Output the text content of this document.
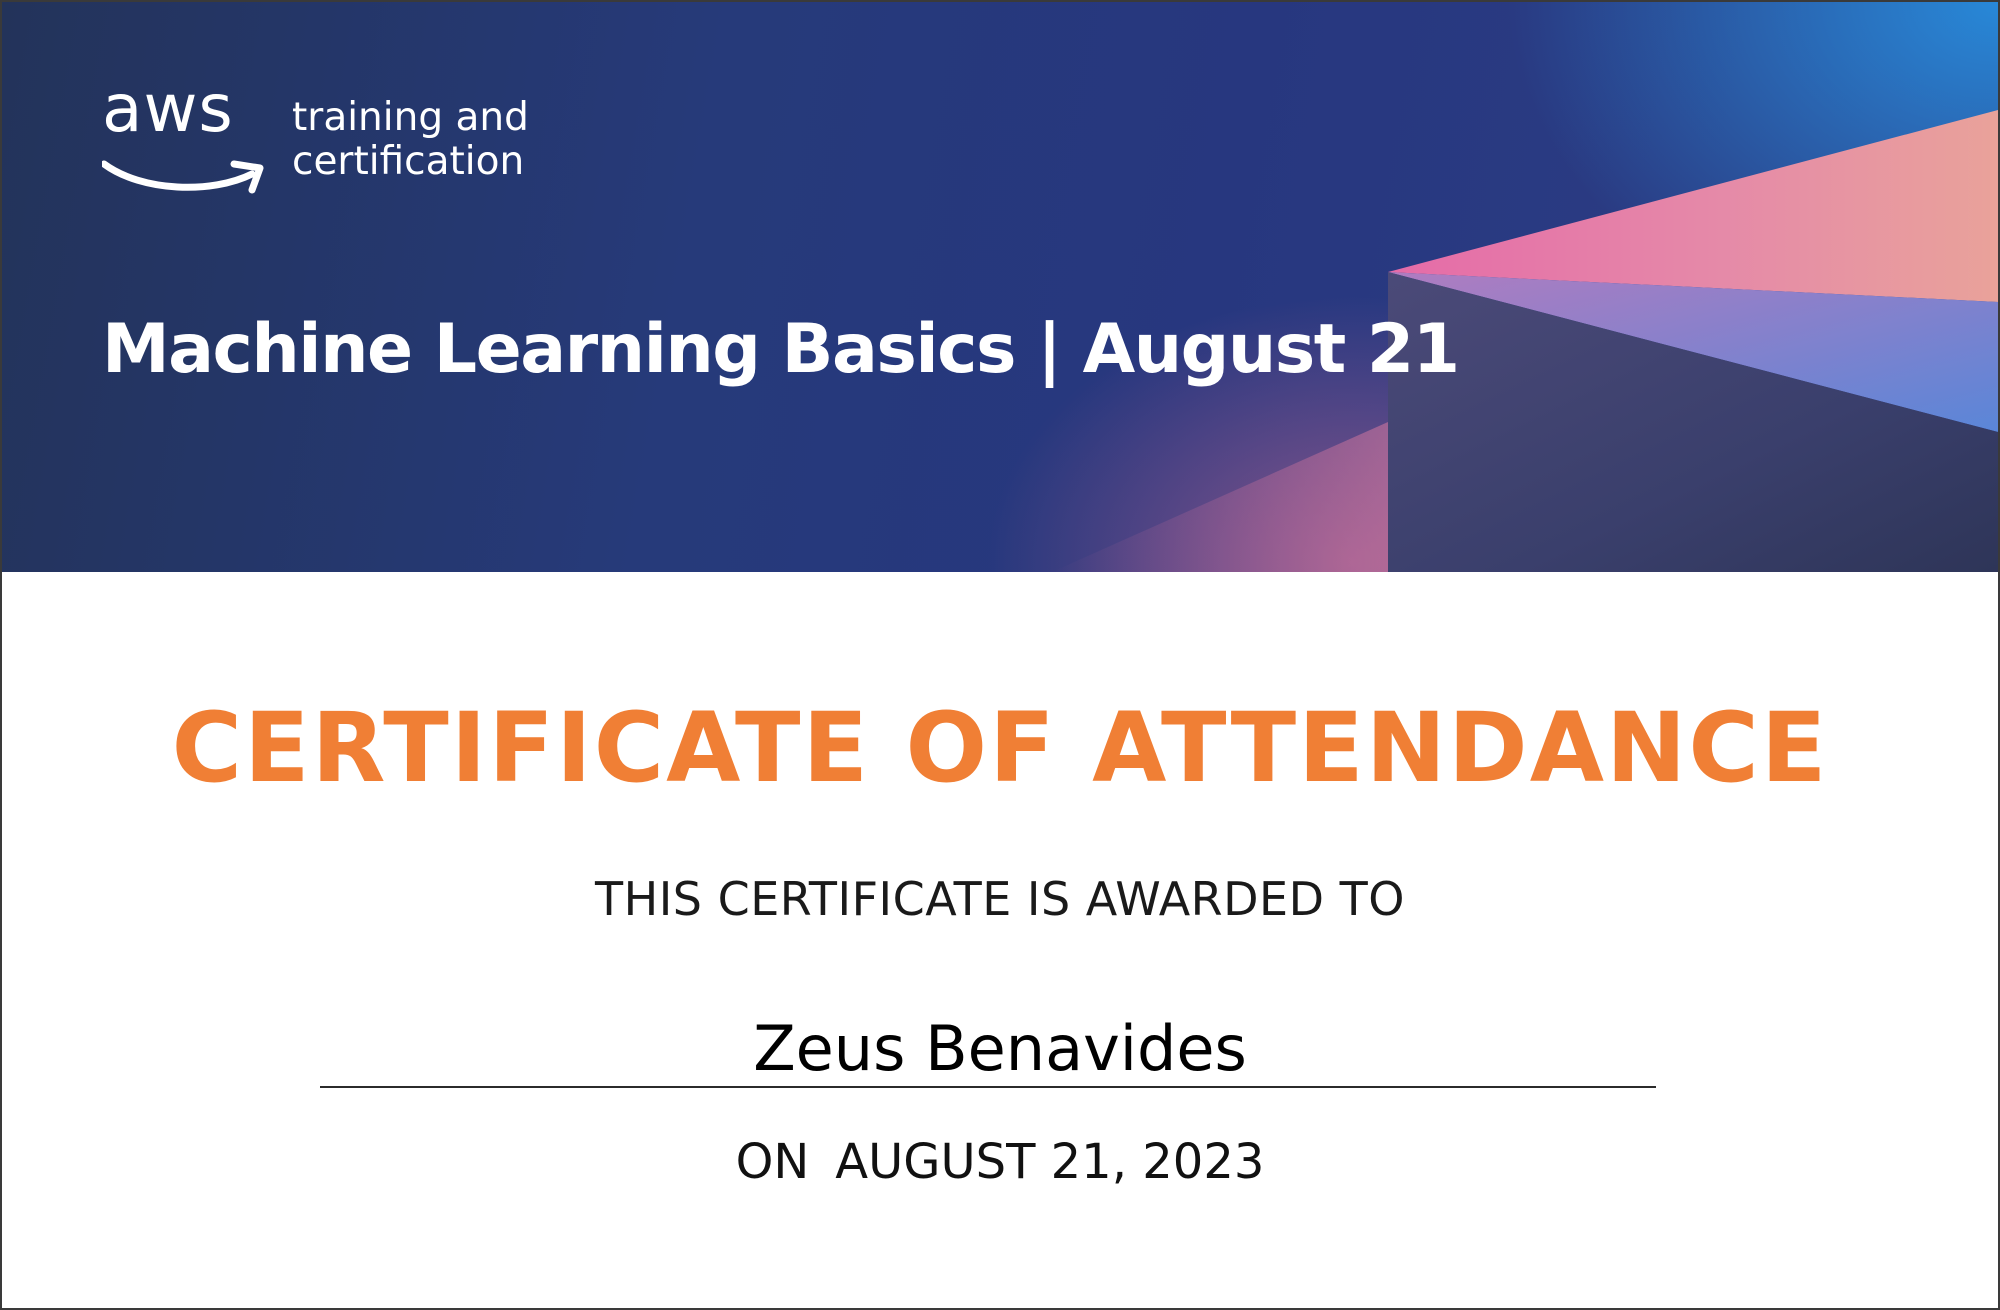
aws training and
certification
Machine Learning Basics | August 21
CERTIFICATE OF ATTENDANCE
THIS CERTIFICATE IS AWARDED TO
Zeus Benavides
ON AUGUST 21, 2023
